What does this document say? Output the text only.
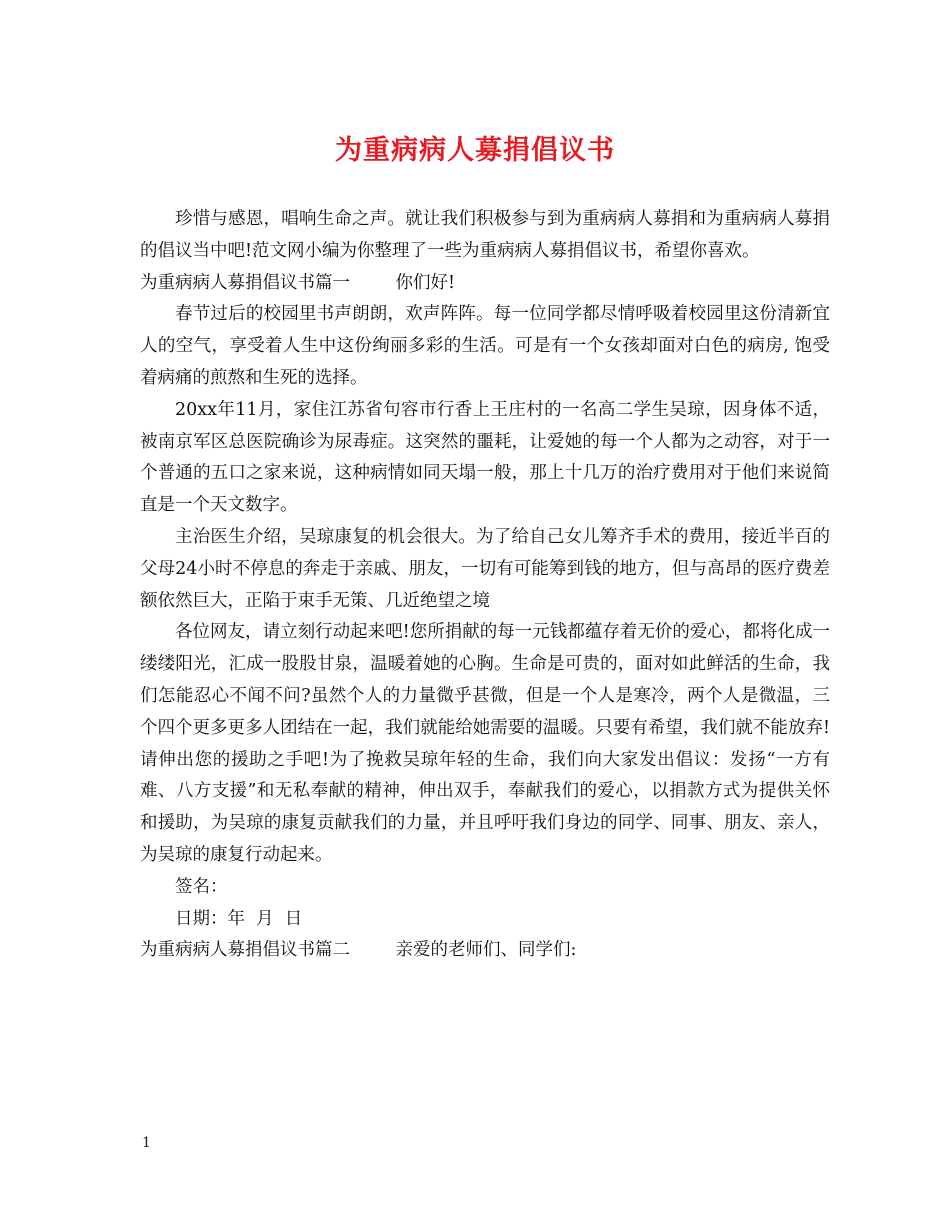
为重病病人募捐倡议书

珍惜与感恩，唱响生命之声。就让我们积极参与到为重病病人募捐和为重病病人募捐的倡议当中吧!范文网小编为你整理了一些为重病病人募捐倡议书，希望你喜欢。

为重病病人募捐倡议书篇一	你们好!

春节过后的校园里书声朗朗，欢声阵阵。每一位同学都尽情呼吸着校园里这份清新宜人的空气，享受着人生中这份绚丽多彩的生活。可是有一个女孩却面对白色的病房, 饱受着病痛的煎熬和生死的选择。

20xx年11月，家住江苏省句容市行香上王庄村的一名高二学生吴琼，因身体不适，被南京军区总医院确诊为尿毒症。这突然的噩耗，让爱她的每一个人都为之动容，对于一个普通的五口之家来说，这种病情如同天塌一般，那上十几万的治疗费用对于他们来说简直是一个天文数字。

主治医生介绍，吴琼康复的机会很大。为了给自己女儿筹齐手术的费用，接近半百的父母24小时不停息的奔走于亲戚、朋友，一切有可能筹到钱的地方，但与高昂的医疗费差额依然巨大，正陷于束手无策、几近绝望之境

各位网友，请立刻行动起来吧!您所捐献的每一元钱都蕴存着无价的爱心，都将化成一缕缕阳光，汇成一股股甘泉，温暖着她的心胸。生命是可贵的，面对如此鲜活的生命，我们怎能忍心不闻不问?虽然个人的力量微乎甚微，但是一个人是寒冷，两个人是微温，三个四个更多更多人团结在一起，我们就能给她需要的温暖。只要有希望，我们就不能放弃!请伸出您的援助之手吧!为了挽救吴琼年轻的生命，我们向大家发出倡议：发扬“一方有难、八方支援”和无私奉献的精神，伸出双手，奉献我们的爱心，以捐款方式为提供关怀和援助，为吴琼的康复贡献我们的力量，并且呼吁我们身边的同学、同事、朋友、亲人，为吴琼的康复行动起来。

签名：

日期：年  月  日

为重病病人募捐倡议书篇二	亲爱的老师们、同学们:

1
